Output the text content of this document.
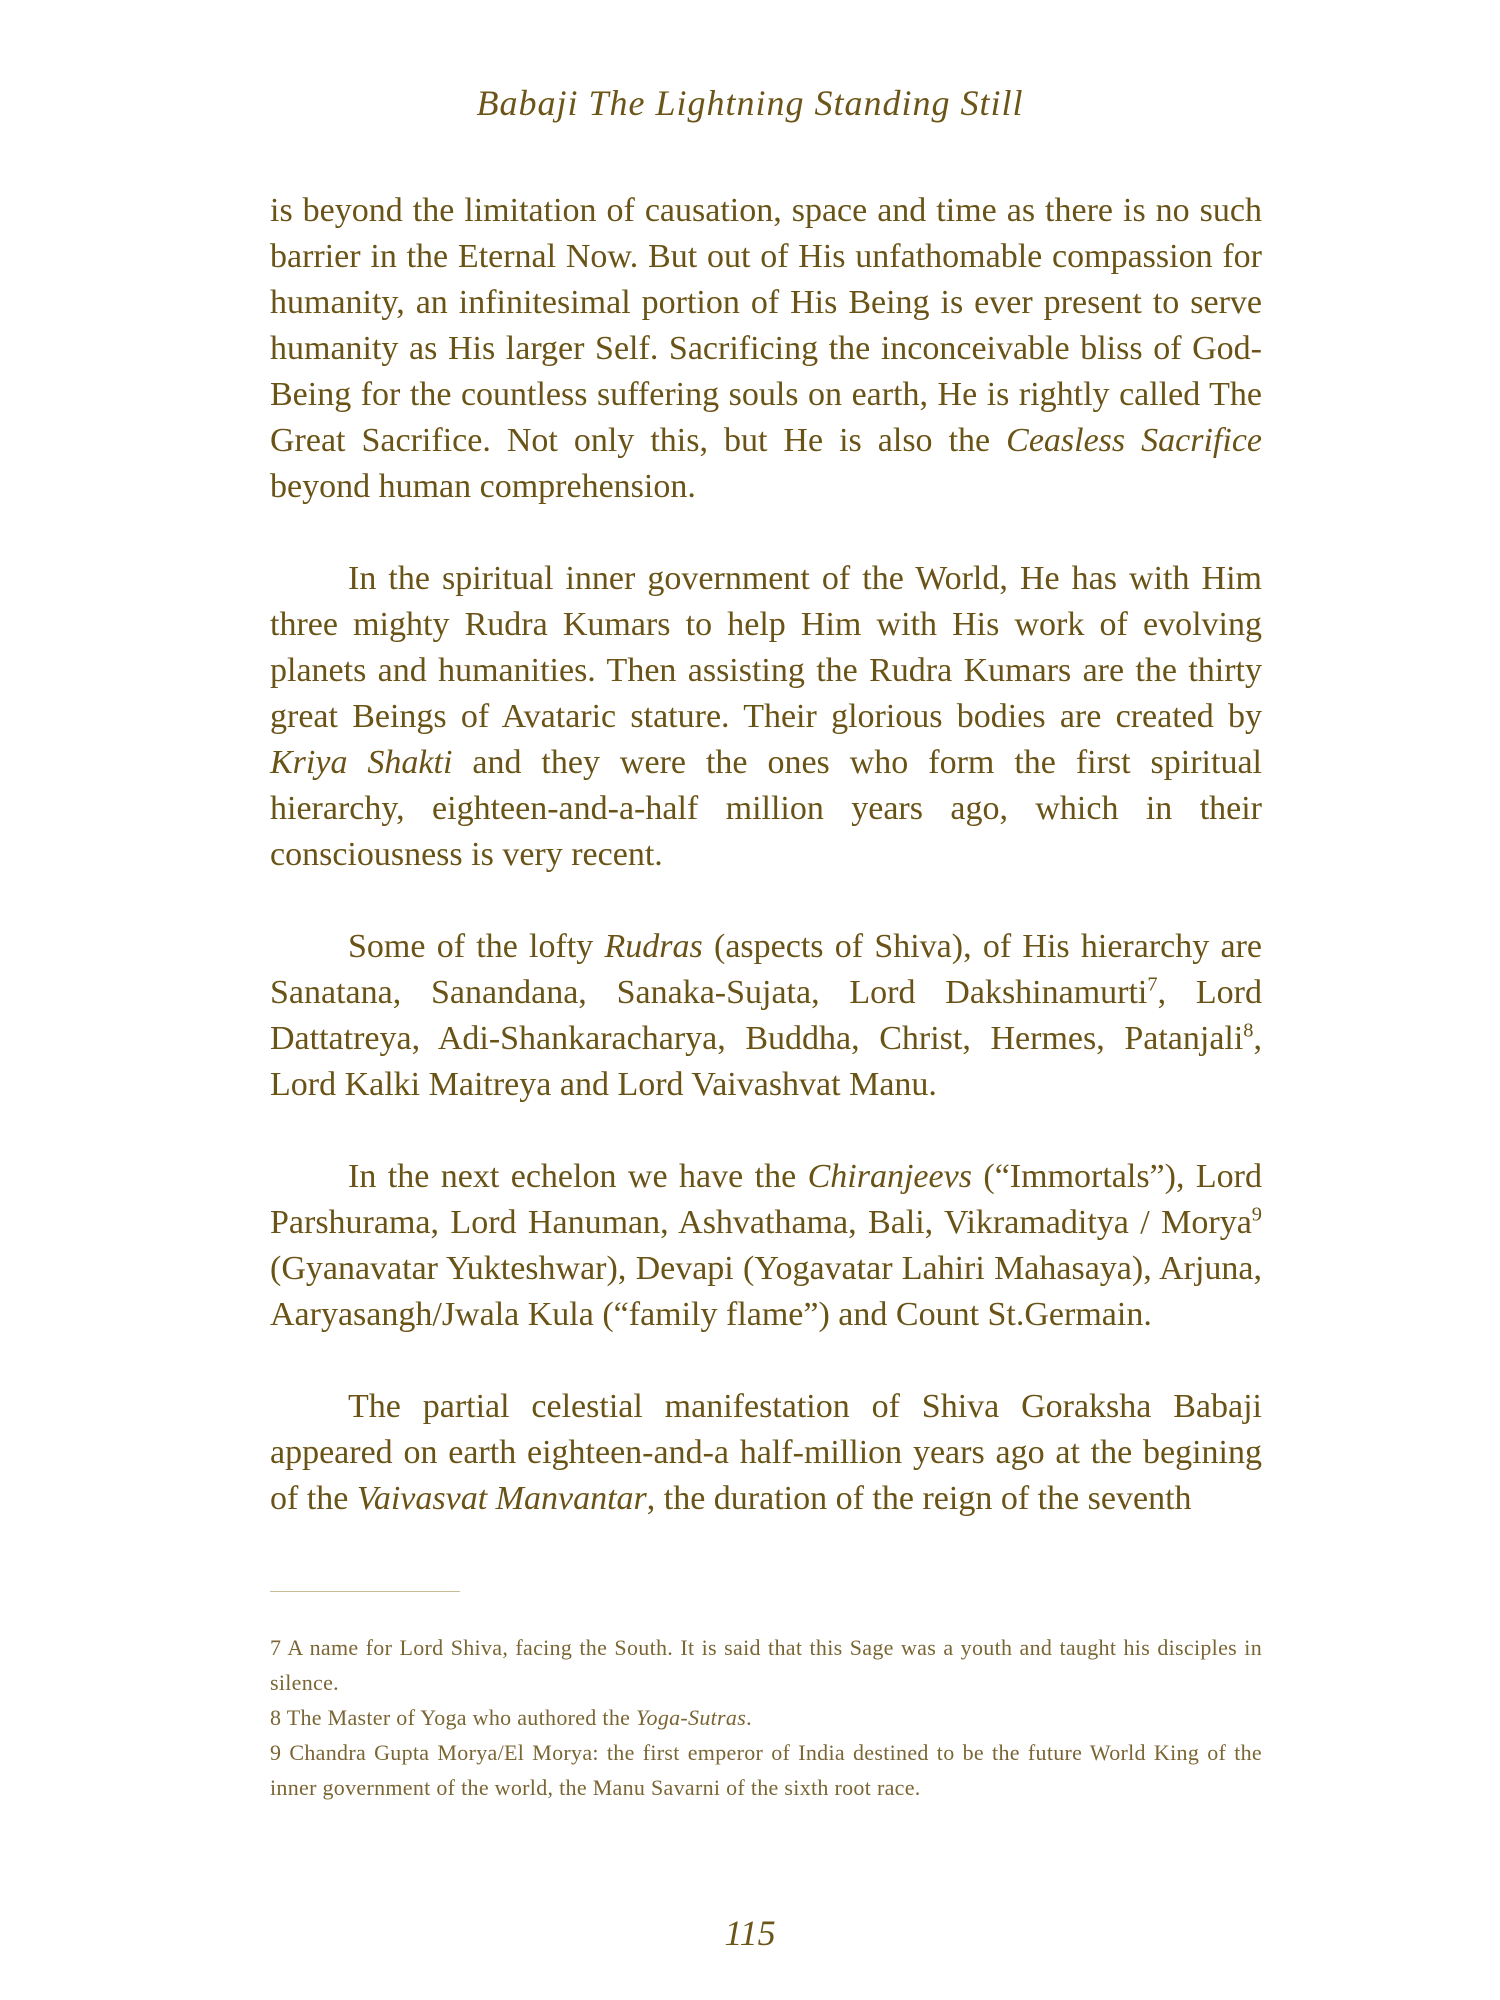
Babaji The Lightning Standing Still

is beyond the limitation of causation, space and time as there is no such barrier in the Eternal Now. But out of His unfathomable compassion for humanity, an infinitesimal portion of His Being is ever present to serve humanity as His larger Self. Sacrificing the inconceivable bliss of God-Being for the countless suffering souls on earth, He is rightly called The Great Sacrifice. Not only this, but He is also the Ceasless Sacrifice beyond human comprehension.

In the spiritual inner government of the World, He has with Him three mighty Rudra Kumars to help Him with His work of evolving planets and humanities. Then assisting the Rudra Kumars are the thirty great Beings of Avataric stature. Their glorious bodies are created by Kriya Shakti and they were the ones who form the first spiritual hierarchy, eighteen-and-a-half million years ago, which in their consciousness is very recent.

Some of the lofty Rudras (aspects of Shiva), of His hierarchy are Sanatana, Sanandana, Sanaka-Sujata, Lord Dakshinamurti$^7$, Lord Dattatreya, Adi-Shankaracharya, Buddha, Christ, Hermes, Patanjali$^8$, Lord Kalki Maitreya and Lord Vaivashvat Manu.

In the next echelon we have the Chiranjeevs (“Immortals”), Lord Parshurama, Lord Hanuman, Ashvathama, Bali, Vikramaditya / Morya$^9$ (Gyanavatar Yukteshwar), Devapi (Yogavatar Lahiri Mahasaya), Arjuna, Aaryasangh/Jwala Kula (“family flame”) and Count St.Germain.

The partial celestial manifestation of Shiva Goraksha Babaji appeared on earth eighteen-and-a half-million years ago at the begining of the Vaivasvat Manvantar, the duration of the reign of the seventh

7 A name for Lord Shiva, facing the South. It is said that this Sage was a youth and taught his disciples in silence.

8 The Master of Yoga who authored the Yoga-Sutras.

9 Chandra Gupta Morya/El Morya: the first emperor of India destined to be the future World King of the inner government of the world, the Manu Savarni of the sixth root race.

115
